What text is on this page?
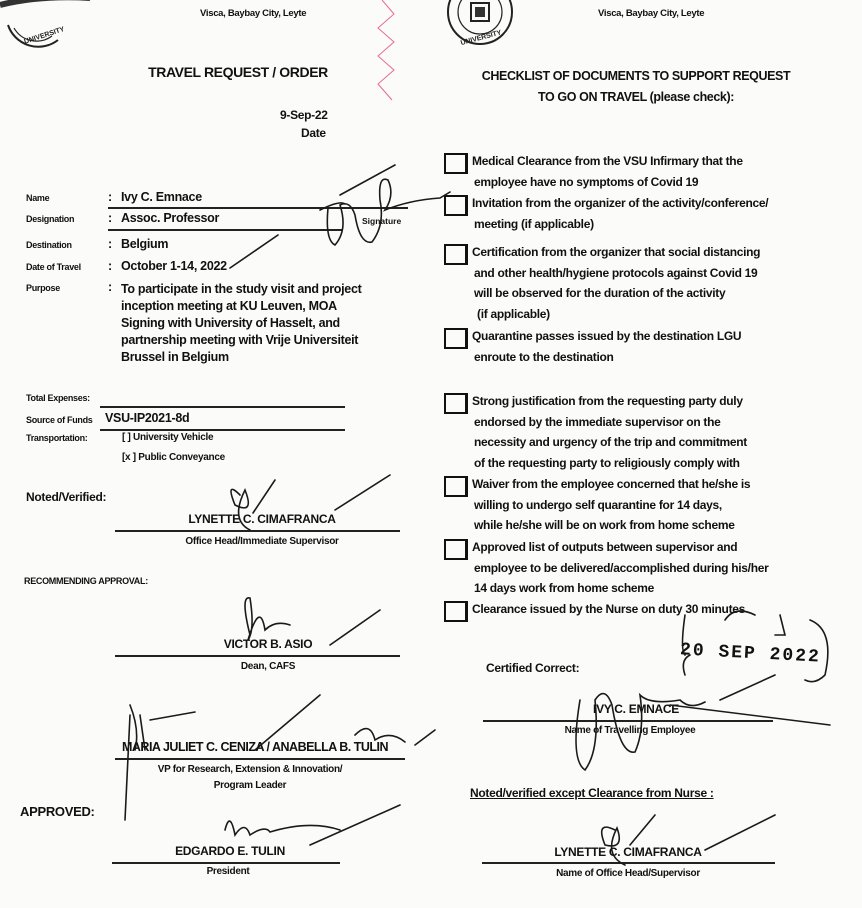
UNIVERSITY
Visca, Baybay City, Leyte
TRAVEL REQUEST / ORDER
9-Sep-22
Date
Name	: Ivy C. Emnace
Designation	: Assoc. Professor	Signature
Destination	: Belgium
Date of Travel : October 1-14, 2022
Purpose	: To participate in the study visit and project
inception meeting at KU Leuven, MOA
Signing with University of Hasselt, and
partnership meeting with Vrije Universiteit
Brussel in Belgium
Total Expenses:
Source of Funds VSU-IP2021-8d
Transportation:	[ ] University Vehicle
[x ] Public Conveyance
Noted/Verified:
LYNETTE C. CIMAFRANCA
Office Head/Immediate Supervisor
RECOMMENDING APPROVAL:
VICTOR B. ASIO
Dean, CAFS
MARIA JULIET C. CENIZA / ANABELLA B. TULIN
VP for Research, Extension & Innovation/
Program Leader
APPROVED:
EDGARDO E. TULIN
President
UNIVERSITY
Visca, Baybay City, Leyte
CHECKLIST OF DOCUMENTS TO SUPPORT REQUEST
TO GO ON TRAVEL (please check):
Medical Clearance from the VSU Infirmary that the
employee have no symptoms of Covid 19
Invitation from the organizer of the activity/conference/
meeting (if applicable)
Certification from the organizer that social distancing
and other health/hygiene protocols against Covid 19
will be observed for the duration of the activity
(if applicable)
Quarantine passes issued by the destination LGU
enroute to the destination
Strong justification from the requesting party duly
endorsed by the immediate supervisor on the
necessity and urgency of the trip and commitment
of the requesting party to religiously comply with
Waiver from the employee concerned that he/she is
willing to undergo self quarantine for 14 days,
while he/she will be on work from home scheme
Approved list of outputs between supervisor and
employee to be delivered/accomplished during his/her
14 days work from home scheme
Clearance issued by the Nurse on duty 30 minutes
20 SEP 2022
Certified Correct:
IVY C. EMNACE
Name of Travelling Employee
Noted/verified except Clearance from Nurse :
LYNETTE C. CIMAFRANCA
Name of Office Head/Supervisor
